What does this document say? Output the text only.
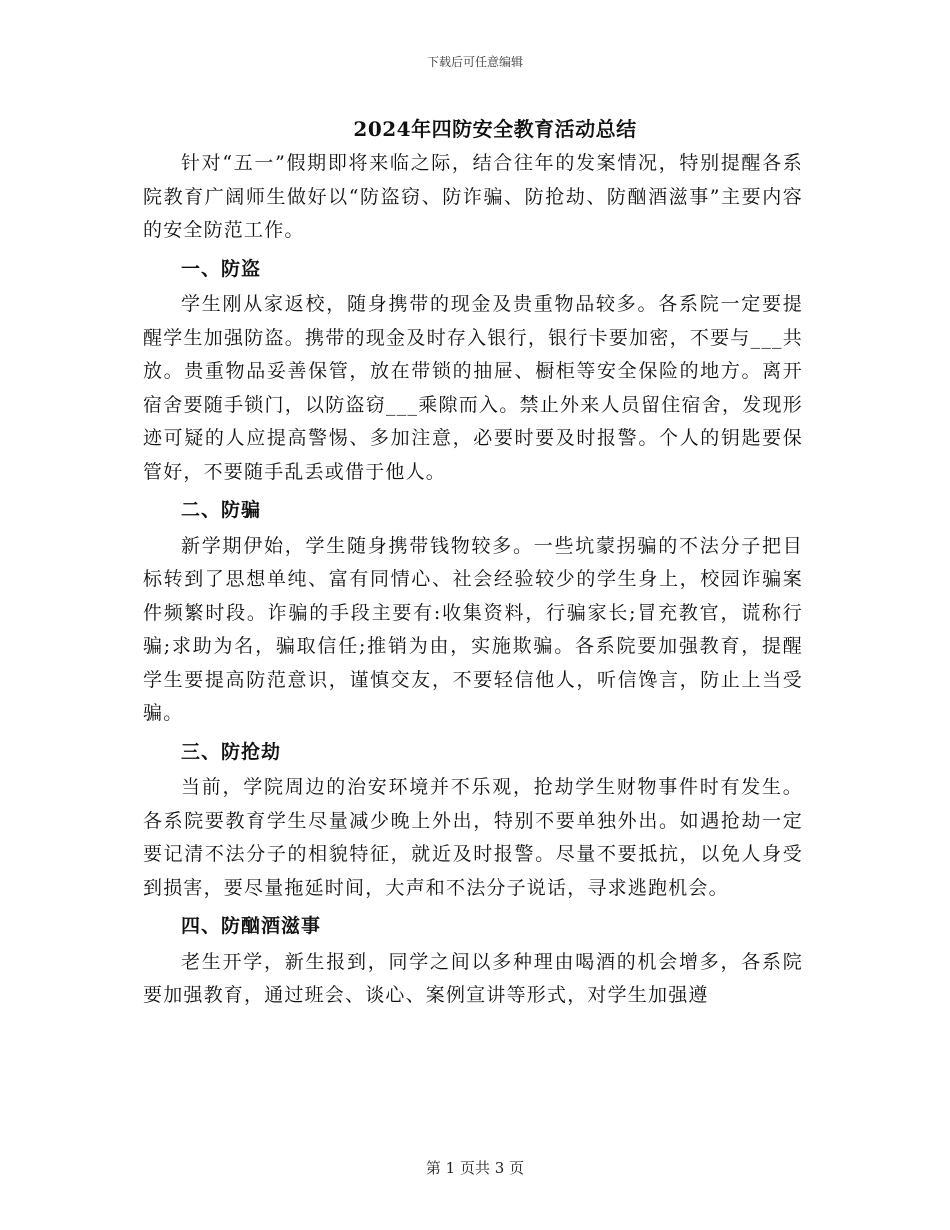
下载后可任意编辑
2024年四防安全教育活动总结

针对“五一”假期即将来临之际，结合往年的发案情况，特别提醒各系院教育广阔师生做好以“防盗窃、防诈骗、防抢劫、防酗酒滋事”主要内容的安全防范工作。

一、防盗

学生刚从家返校，随身携带的现金及贵重物品较多。各系院一定要提醒学生加强防盗。携带的现金及时存入银行，银行卡要加密，不要与___共放。贵重物品妥善保管，放在带锁的抽屉、橱柜等安全保险的地方。离开宿舍要随手锁门，以防盗窃___乘隙而入。禁止外来人员留住宿舍，发现形迹可疑的人应提高警惕、多加注意，必要时要及时报警。个人的钥匙要保管好，不要随手乱丢或借于他人。

二、防骗

新学期伊始，学生随身携带钱物较多。一些坑蒙拐骗的不法分子把目标转到了思想单纯、富有同情心、社会经验较少的学生身上，校园诈骗案件频繁时段。诈骗的手段主要有:收集资料，行骗家长;冒充教官，谎称行骗;求助为名，骗取信任;推销为由，实施欺骗。各系院要加强教育，提醒学生要提高防范意识，谨慎交友，不要轻信他人，听信馋言，防止上当受骗。

三、防抢劫

当前，学院周边的治安环境并不乐观，抢劫学生财物事件时有发生。各系院要教育学生尽量减少晚上外出，特别不要单独外出。如遇抢劫一定要记清不法分子的相貌特征，就近及时报警。尽量不要抵抗，以免人身受到损害，要尽量拖延时间，大声和不法分子说话，寻求逃跑机会。

四、防酗酒滋事

老生开学，新生报到，同学之间以多种理由喝酒的机会增多，各系院要加强教育，通过班会、谈心、案例宣讲等形式，对学生加强遵

第 1 页共 3 页
